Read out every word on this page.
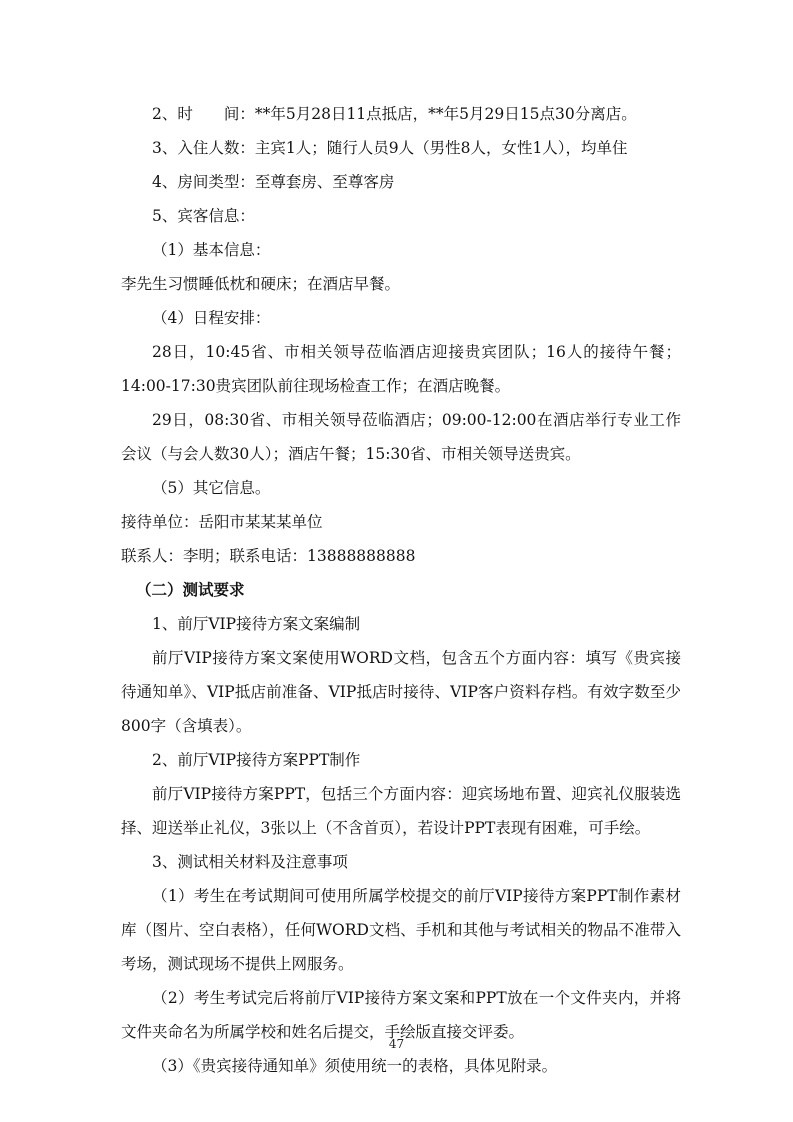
2、时　　间：**年5月28日11点抵店，**年5月29日15点30分离店。

3、入住人数：主宾1人；随行人员9人（男性8人，女性1人），均单住

4、房间类型：至尊套房、至尊客房

5、宾客信息：

（1）基本信息：

李先生习惯睡低枕和硬床；在酒店早餐。

（4）日程安排：

28日，10:45省、市相关领导莅临酒店迎接贵宾团队；16人的接待午餐；14:00-17:30贵宾团队前往现场检查工作；在酒店晚餐。

29日，08:30省、市相关领导莅临酒店；09:00-12:00在酒店举行专业工作会议（与会人数30人）；酒店午餐；15:30省、市相关领导送贵宾。

（5）其它信息。

接待单位：岳阳市某某某单位

联系人：李明；联系电话：13888888888

（二）测试要求

1、前厅VIP接待方案文案编制

前厅VIP接待方案文案使用WORD文档，包含五个方面内容：填写《贵宾接待通知单》、VIP抵店前准备、VIP抵店时接待、VIP客户资料存档。有效字数至少800字（含填表）。

2、前厅VIP接待方案PPT制作

前厅VIP接待方案PPT，包括三个方面内容：迎宾场地布置、迎宾礼仪服装选择、迎送举止礼仪，3张以上（不含首页），若设计PPT表现有困难，可手绘。

3、测试相关材料及注意事项

（1）考生在考试期间可使用所属学校提交的前厅VIP接待方案PPT制作素材库（图片、空白表格），任何WORD文档、手机和其他与考试相关的物品不准带入考场，测试现场不提供上网服务。

（2）考生考试完后将前厅VIP接待方案文案和PPT放在一个文件夹内，并将文件夹命名为所属学校和姓名后提交，手绘版直接交评委。

（3）《贵宾接待通知单》须使用统一的表格，具体见附录。

47
